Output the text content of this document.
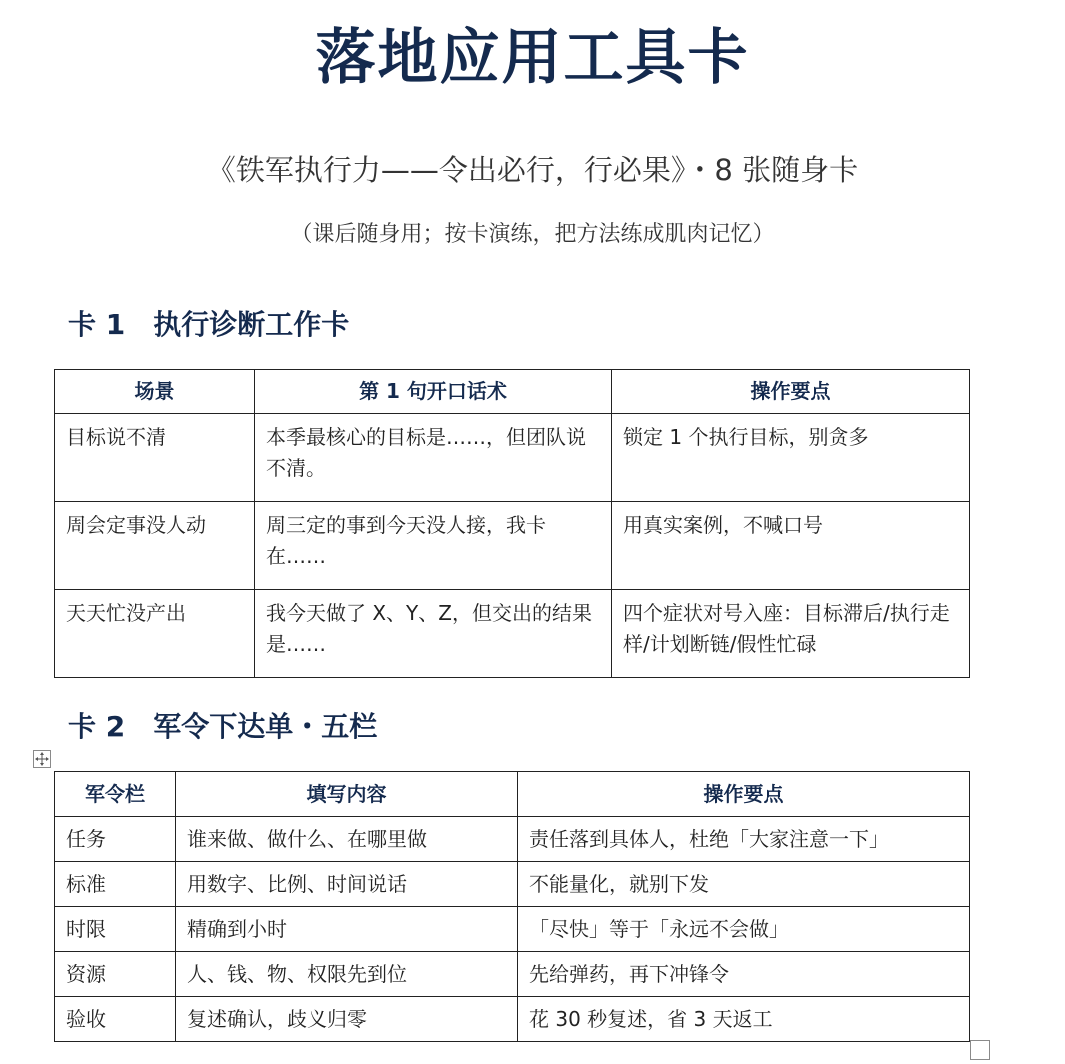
落地应用工具卡
《铁军执行力——令出必行，行必果》・8 张随身卡
（课后随身用；按卡演练，把方法练成肌肉记忆）
卡 1　执行诊断工作卡
场景	第 1 句开口话术	操作要点
目标说不清	本季最核心的目标是……，但团队说不清。	锁定 1 个执行目标，别贪多
周会定事没人动	周三定的事到今天没人接，我卡在……	用真实案例，不喊口号
天天忙没产出	我今天做了 X、Y、Z，但交出的结果是……	四个症状对号入座：目标滞后/执行走样/计划断链/假性忙碌
卡 2　军令下达单・五栏
军令栏	填写内容	操作要点
任务	谁来做、做什么、在哪里做	责任落到具体人，杜绝「大家注意一下」
标准	用数字、比例、时间说话	不能量化，就别下发
时限	精确到小时	「尽快」等于「永远不会做」
资源	人、钱、物、权限先到位	先给弹药，再下冲锋令
验收	复述确认，歧义归零	花 30 秒复述，省 3 天返工
